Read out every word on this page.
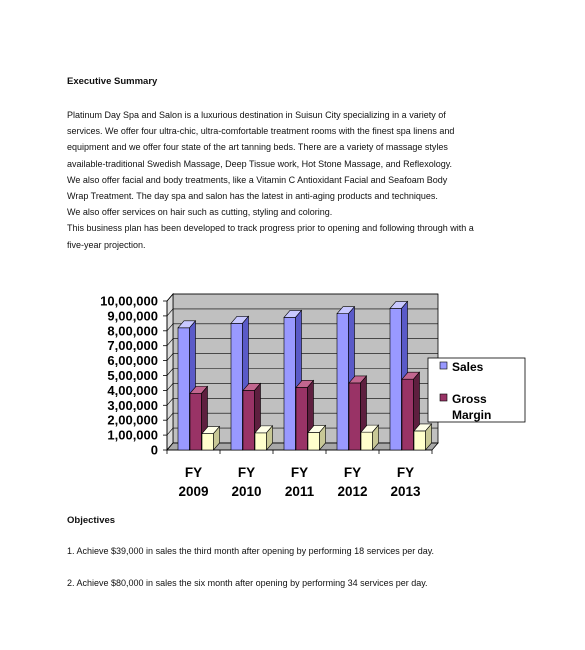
Executive Summary
Platinum Day Spa and Salon is a luxurious destination in Suisun City specializing in a variety of
services. We offer four ultra-chic, ultra-comfortable treatment rooms with the finest spa linens and
equipment and we offer four state of the art tanning beds. There are a variety of massage styles
available-traditional Swedish Massage, Deep Tissue work, Hot Stone Massage, and Reflexology.
We also offer facial and body treatments, like a Vitamin C Antioxidant Facial and Seafoam Body
Wrap Treatment. The day spa and salon has the latest in anti-aging products and techniques.
We also offer services on hair such as cutting, styling and coloring.
This business plan has been developed to track progress prior to opening and following through with a
five-year projection.
0
1,00,000
2,00,000
3,00,000
4,00,000
5,00,000
6,00,000
7,00,000
8,00,000
9,00,000
10,00,000
FY
2009
FY
2010
FY
2011
FY
2012
FY
2013
Sales
Gross
Margin
Objectives
1. Achieve $39,000 in sales the third month after opening by performing 18 services per day.
2. Achieve $80,000 in sales the six month after opening by performing 34 services per day.
